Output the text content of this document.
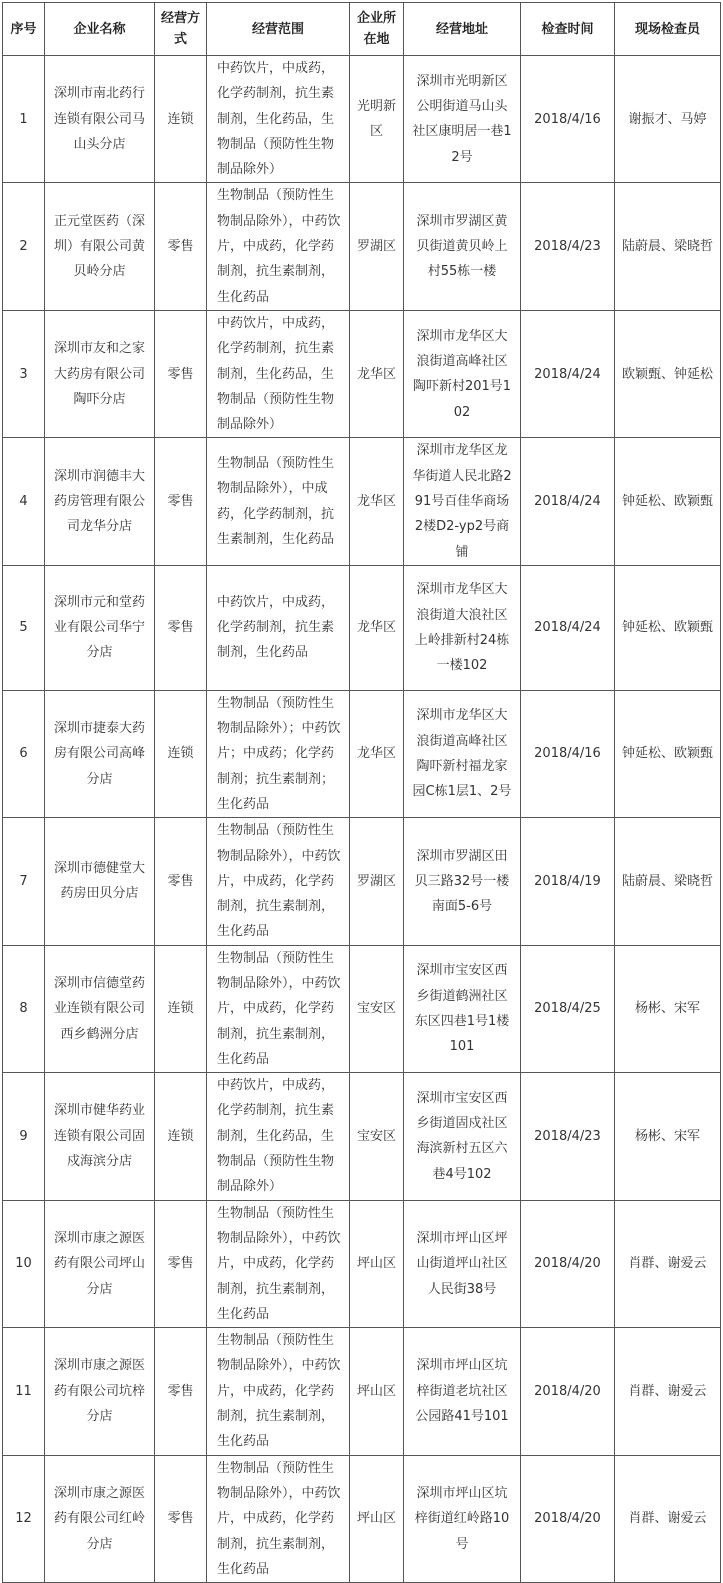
序号	企业名称	经营方式	经营范围	企业所在地	经营地址	检查时间	现场检查员
1	深圳市南北药行连锁有限公司马山头分店	连锁	中药饮片，中成药，化学药制剂，抗生素制剂，生化药品，生物制品（预防性生物制品除外）	光明新区	深圳市光明新区公明街道马山头社区康明居一巷12号	2018/4/16	谢振才、马婷
2	正元堂医药（深圳）有限公司黄贝岭分店	零售	生物制品（预防性生物制品除外），中药饮片，中成药，化学药制剂，抗生素制剂，生化药品	罗湖区	深圳市罗湖区黄贝街道黄贝岭上村55栋一楼	2018/4/23	陆蔚晨、梁晓哲
3	深圳市友和之家大药房有限公司陶吓分店	零售	中药饮片，中成药，化学药制剂，抗生素制剂，生化药品，生物制品（预防性生物制品除外）	龙华区	深圳市龙华区大浪街道高峰社区陶吓新村201号102	2018/4/24	欧颖甄、钟延松
4	深圳市润德丰大药房管理有限公司龙华分店	零售	生物制品（预防性生物制品除外），中成药，化学药制剂，抗生素制剂，生化药品	龙华区	深圳市龙华区龙华街道人民北路291号百佳华商场2楼D2-yp2号商铺	2018/4/24	钟延松、欧颖甄
5	深圳市元和堂药业有限公司华宁分店	零售	中药饮片，中成药，化学药制剂，抗生素制剂，生化药品	龙华区	深圳市龙华区大浪街道大浪社区上岭排新村24栋一楼102	2018/4/24	钟延松、欧颖甄
6	深圳市捷泰大药房有限公司高峰分店	连锁	生物制品（预防性生物制品除外）；中药饮片；中成药；化学药制剂；抗生素制剂；生化药品	龙华区	深圳市龙华区大浪街道高峰社区陶吓新村福龙家园C栋1层1、2号	2018/4/16	钟延松、欧颖甄
7	深圳市德健堂大药房田贝分店	零售	生物制品（预防性生物制品除外），中药饮片，中成药，化学药制剂，抗生素制剂，生化药品	罗湖区	深圳市罗湖区田贝三路32号一楼南面5-6号	2018/4/19	陆蔚晨、梁晓哲
8	深圳市信德堂药业连锁有限公司西乡鹤洲分店	连锁	生物制品（预防性生物制品除外），中药饮片，中成药，化学药制剂，抗生素制剂，生化药品	宝安区	深圳市宝安区西乡街道鹤洲社区东区四巷1号1楼101	2018/4/25	杨彬、宋军
9	深圳市健华药业连锁有限公司固戍海滨分店	连锁	中药饮片，中成药，化学药制剂，抗生素制剂，生化药品，生物制品（预防性生物制品除外）	宝安区	深圳市宝安区西乡街道固戍社区海滨新村五区六巷4号102	2018/4/23	杨彬、宋军
10	深圳市康之源医药有限公司坪山分店	零售	生物制品（预防性生物制品除外），中药饮片，中成药，化学药制剂，抗生素制剂，生化药品	坪山区	深圳市坪山区坪山街道坪山社区人民街38号	2018/4/20	肖群、谢爱云
11	深圳市康之源医药有限公司坑梓分店	零售	生物制品（预防性生物制品除外），中药饮片，中成药，化学药制剂，抗生素制剂，生化药品	坪山区	深圳市坪山区坑梓街道老坑社区公园路41号101	2018/4/20	肖群、谢爱云
12	深圳市康之源医药有限公司红岭分店	零售	生物制品（预防性生物制品除外），中药饮片，中成药，化学药制剂，抗生素制剂，生化药品	坪山区	深圳市坪山区坑梓街道红岭路10号	2018/4/20	肖群、谢爱云
